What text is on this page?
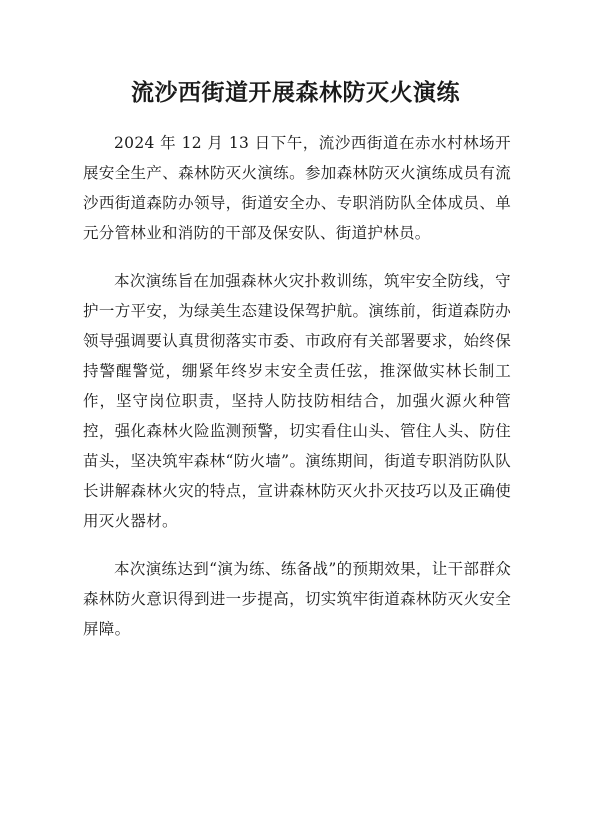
流沙西街道开展森林防灭火演练

2024 年 12 月 13 日下午，流沙西街道在赤水村林场开展安全生产、森林防灭火演练。参加森林防灭火演练成员有流沙西街道森防办领导，街道安全办、专职消防队全体成员、单元分管林业和消防的干部及保安队、街道护林员。

本次演练旨在加强森林火灾扑救训练，筑牢安全防线，守护一方平安，为绿美生态建设保驾护航。演练前，街道森防办领导强调要认真贯彻落实市委、市政府有关部署要求，始终保持警醒警觉，绷紧年终岁末安全责任弦，推深做实林长制工作，坚守岗位职责，坚持人防技防相结合，加强火源火种管控，强化森林火险监测预警，切实看住山头、管住人头、防住苗头，坚决筑牢森林“防火墙”。演练期间，街道专职消防队队长讲解森林火灾的特点，宣讲森林防灭火扑灭技巧以及正确使用灭火器材。

本次演练达到“演为练、练备战”的预期效果，让干部群众森林防火意识得到进一步提高，切实筑牢街道森林防灭火安全屏障。
